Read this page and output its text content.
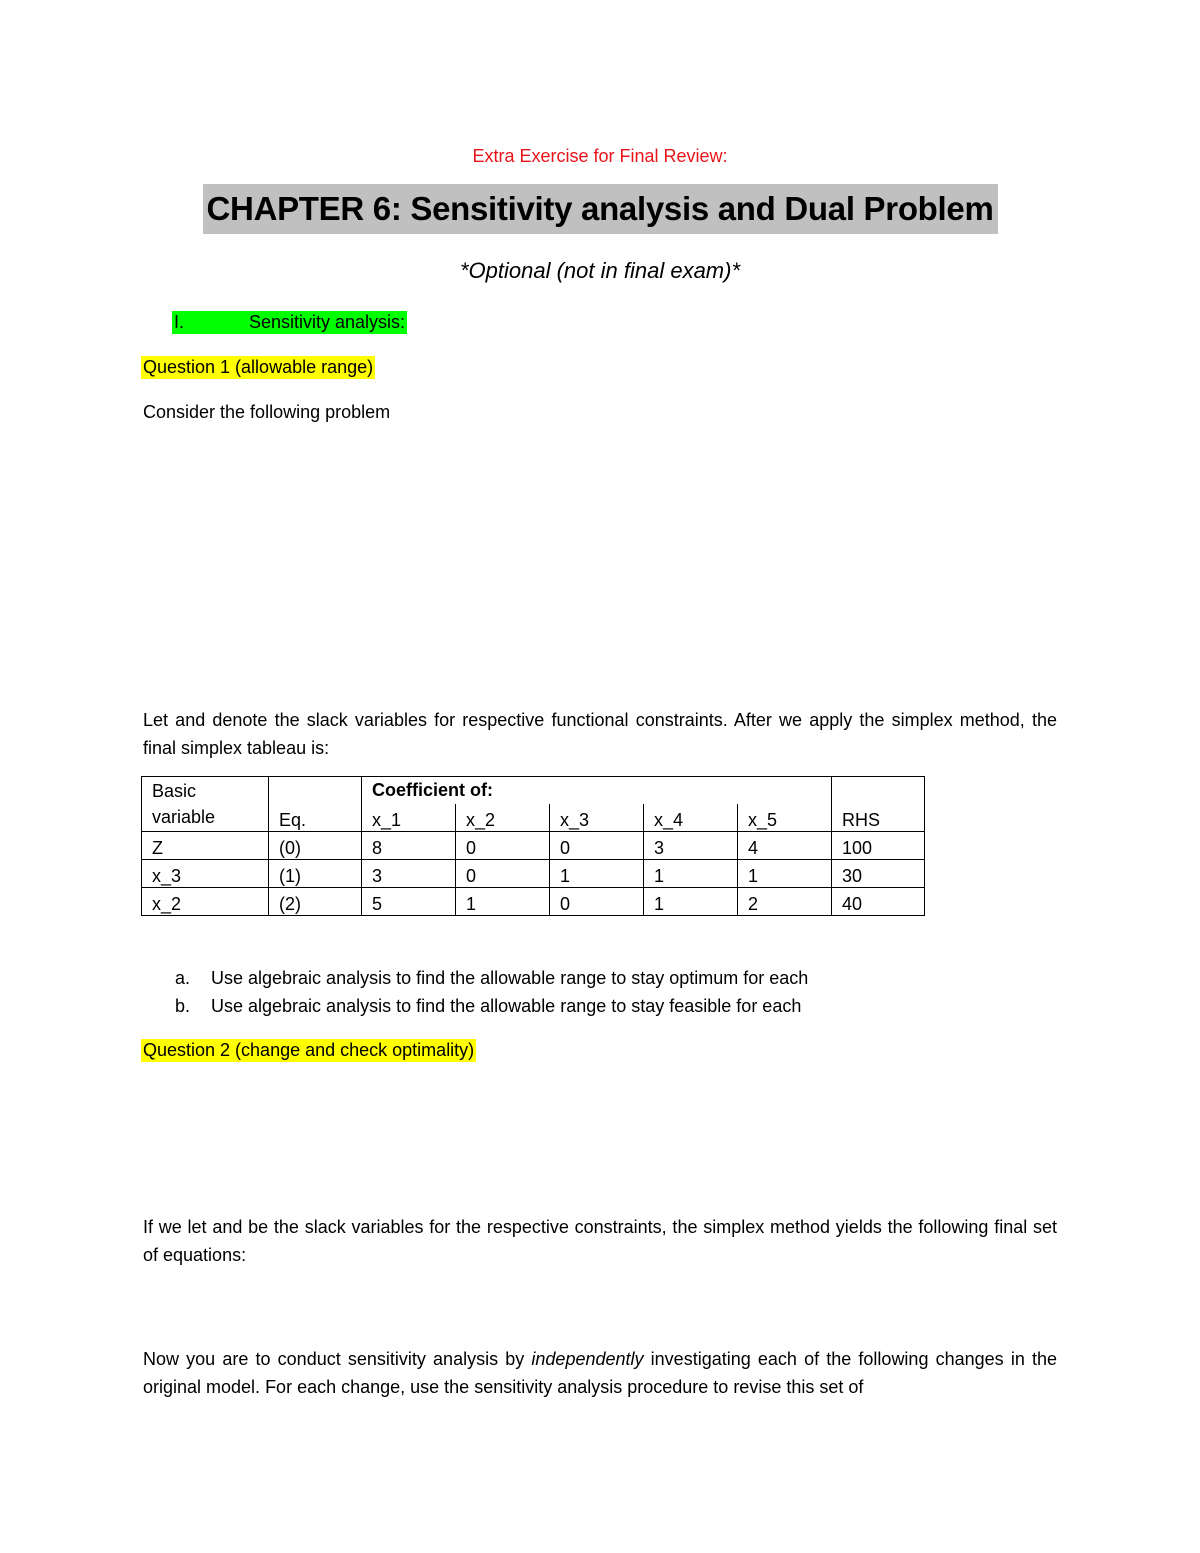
Extra Exercise for Final Review:
CHAPTER 6: Sensitivity analysis and Dual Problem
*Optional (not in final exam)*
I.	Sensitivity analysis:
Question 1 (allowable range)
Consider the following problem
Let and denote the slack variables for respective functional constraints. After we apply the simplex method, the final simplex tableau is:
Basic variable	Eq.	Coefficient of:					RHS
		x_1	x_2	x_3	x_4	x_5	
Z	(0)	8	0	0	3	4	100
x_3	(1)	3	0	1	1	1	30
x_2	(2)	5	1	0	1	2	40
a.	Use algebraic analysis to find the allowable range to stay optimum for each
b.	Use algebraic analysis to find the allowable range to stay feasible for each
Question 2 (change and check optimality)
If we let and be the slack variables for the respective constraints, the simplex method yields the following final set of equations:
Now you are to conduct sensitivity analysis by independently investigating each of the following changes in the original model. For each change, use the sensitivity analysis procedure to revise this set of
